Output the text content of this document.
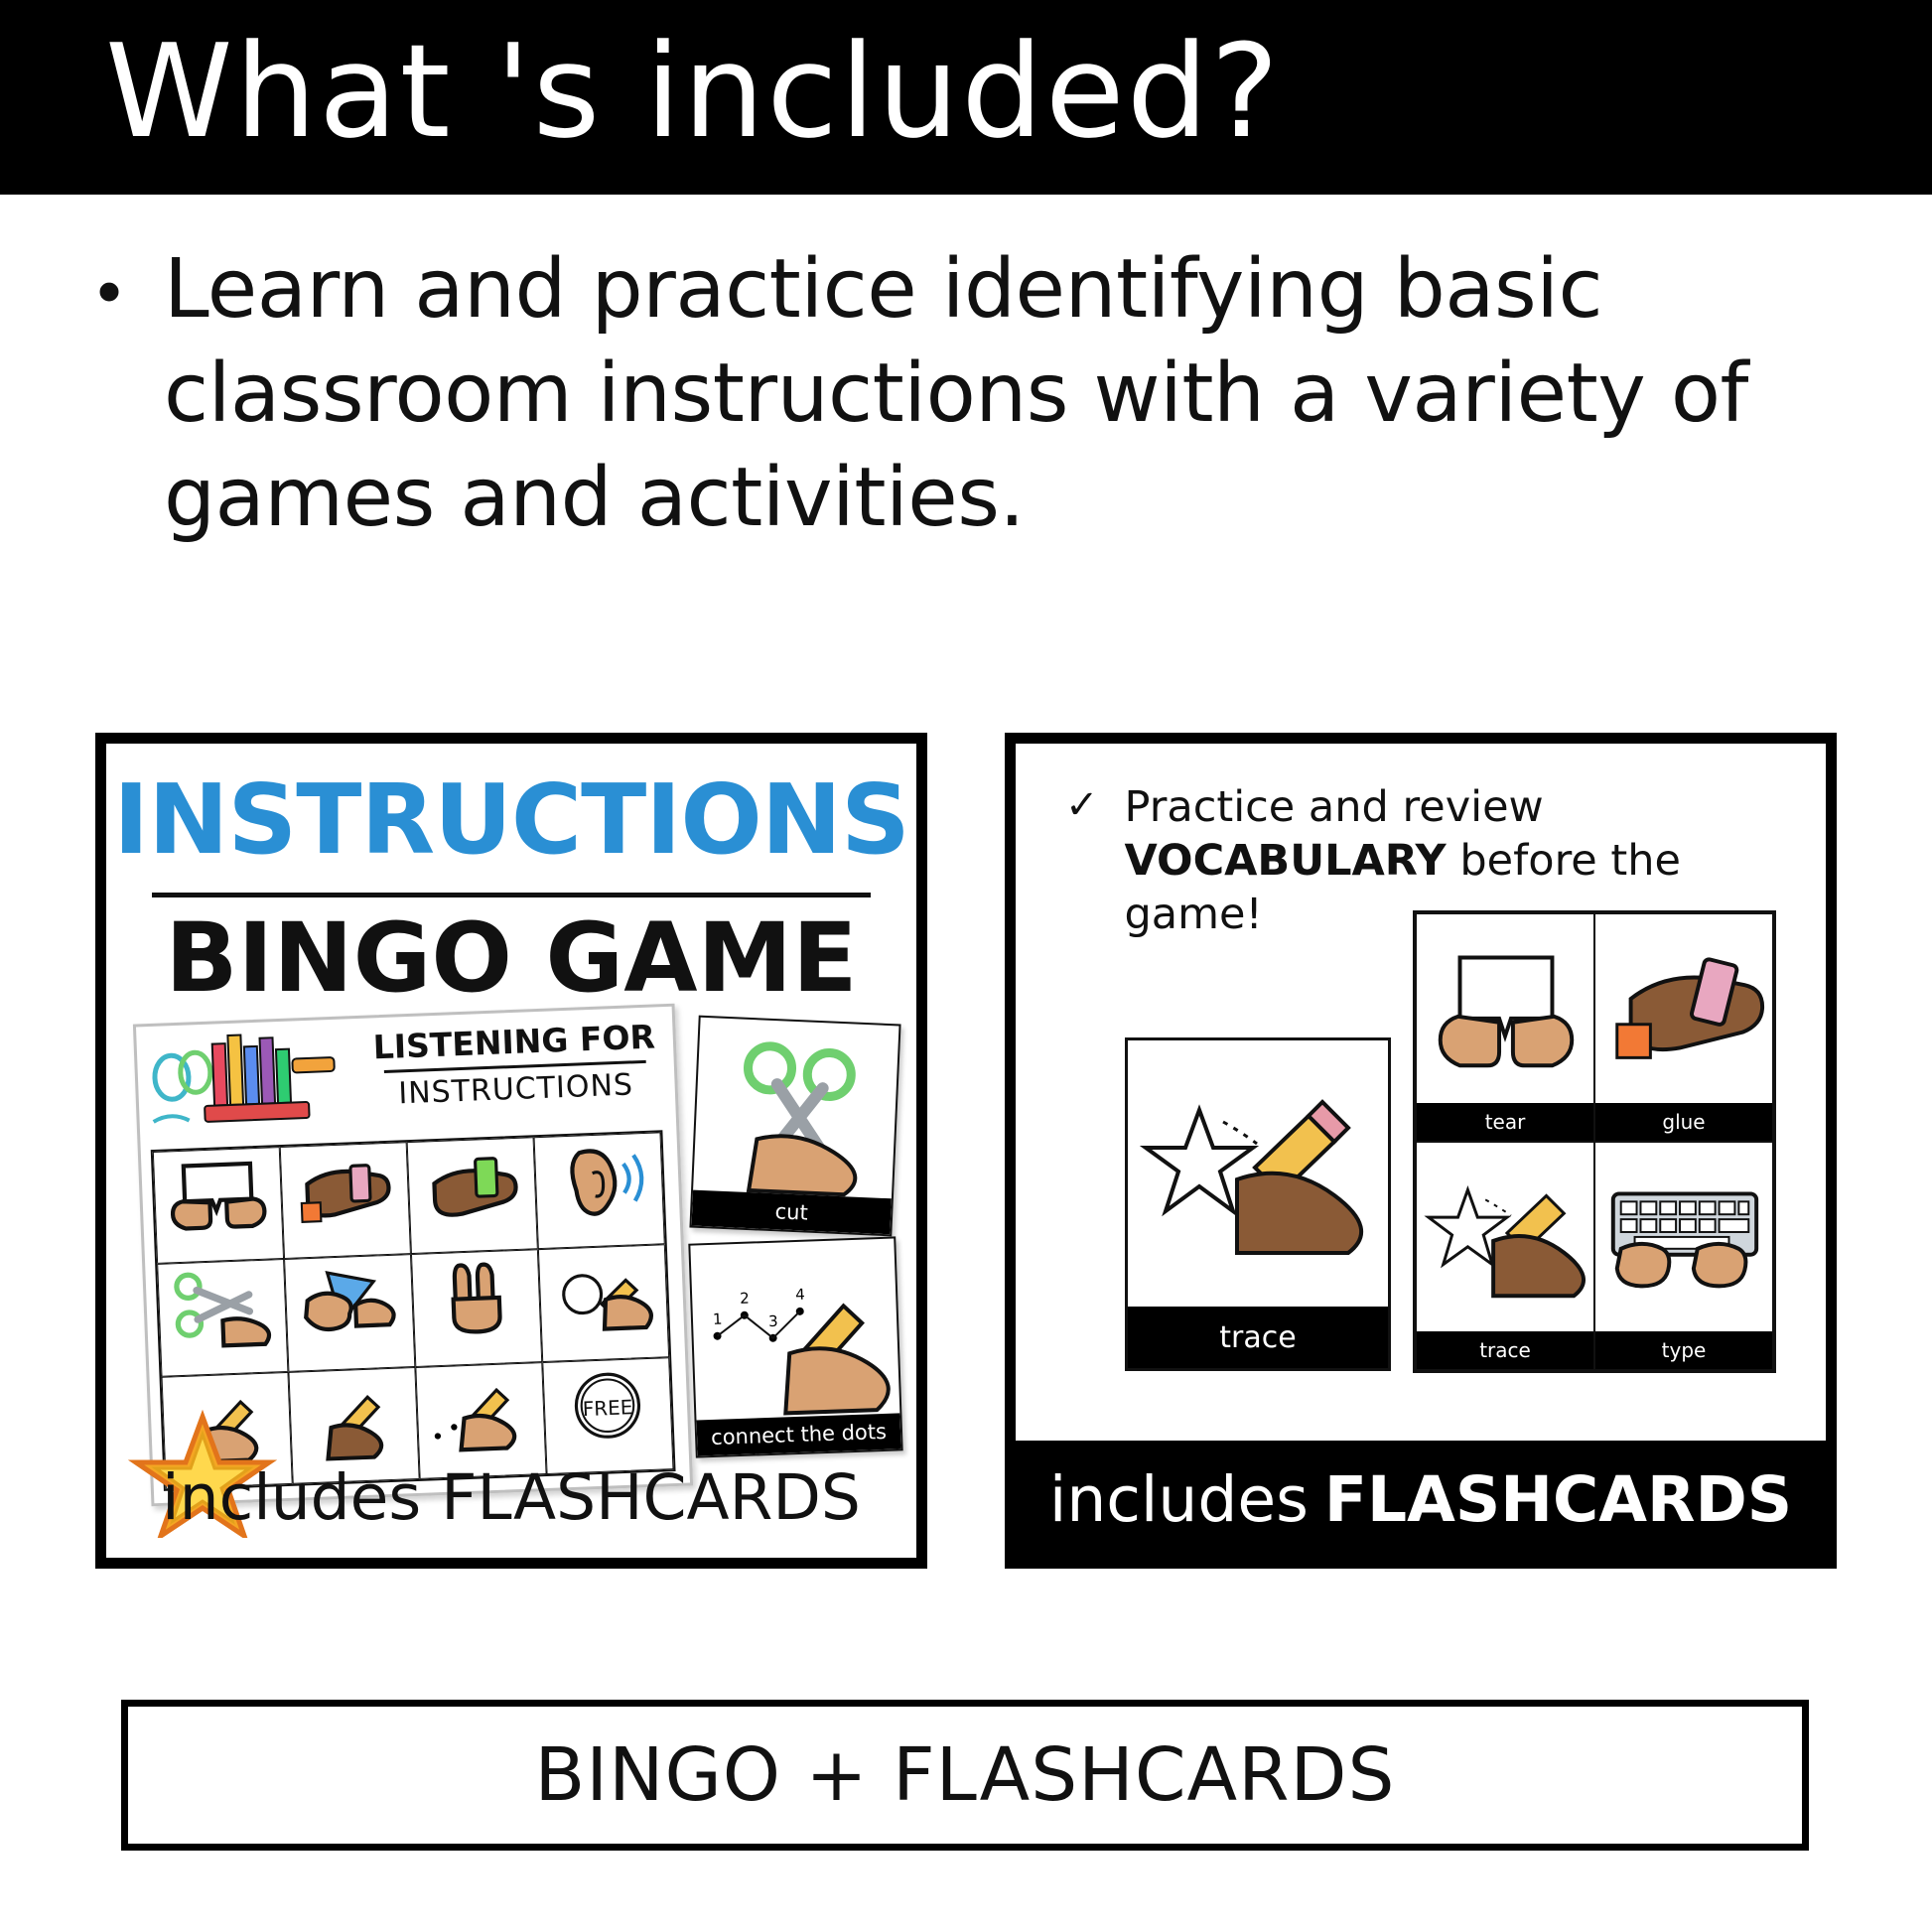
What 's included?
• Learn and practice identifying basic classroom instructions with a variety of games and activities.
INSTRUCTIONS
BINGO GAME
LISTENING FOR
INSTRUCTIONS
FREE
cut
1
2
3
4
connect the dots
includes FLASHCARDS
✓ Practice and review VOCABULARY before the game!
trace
tear	glue
trace	type
includes FLASHCARDS
BINGO + FLASHCARDS
